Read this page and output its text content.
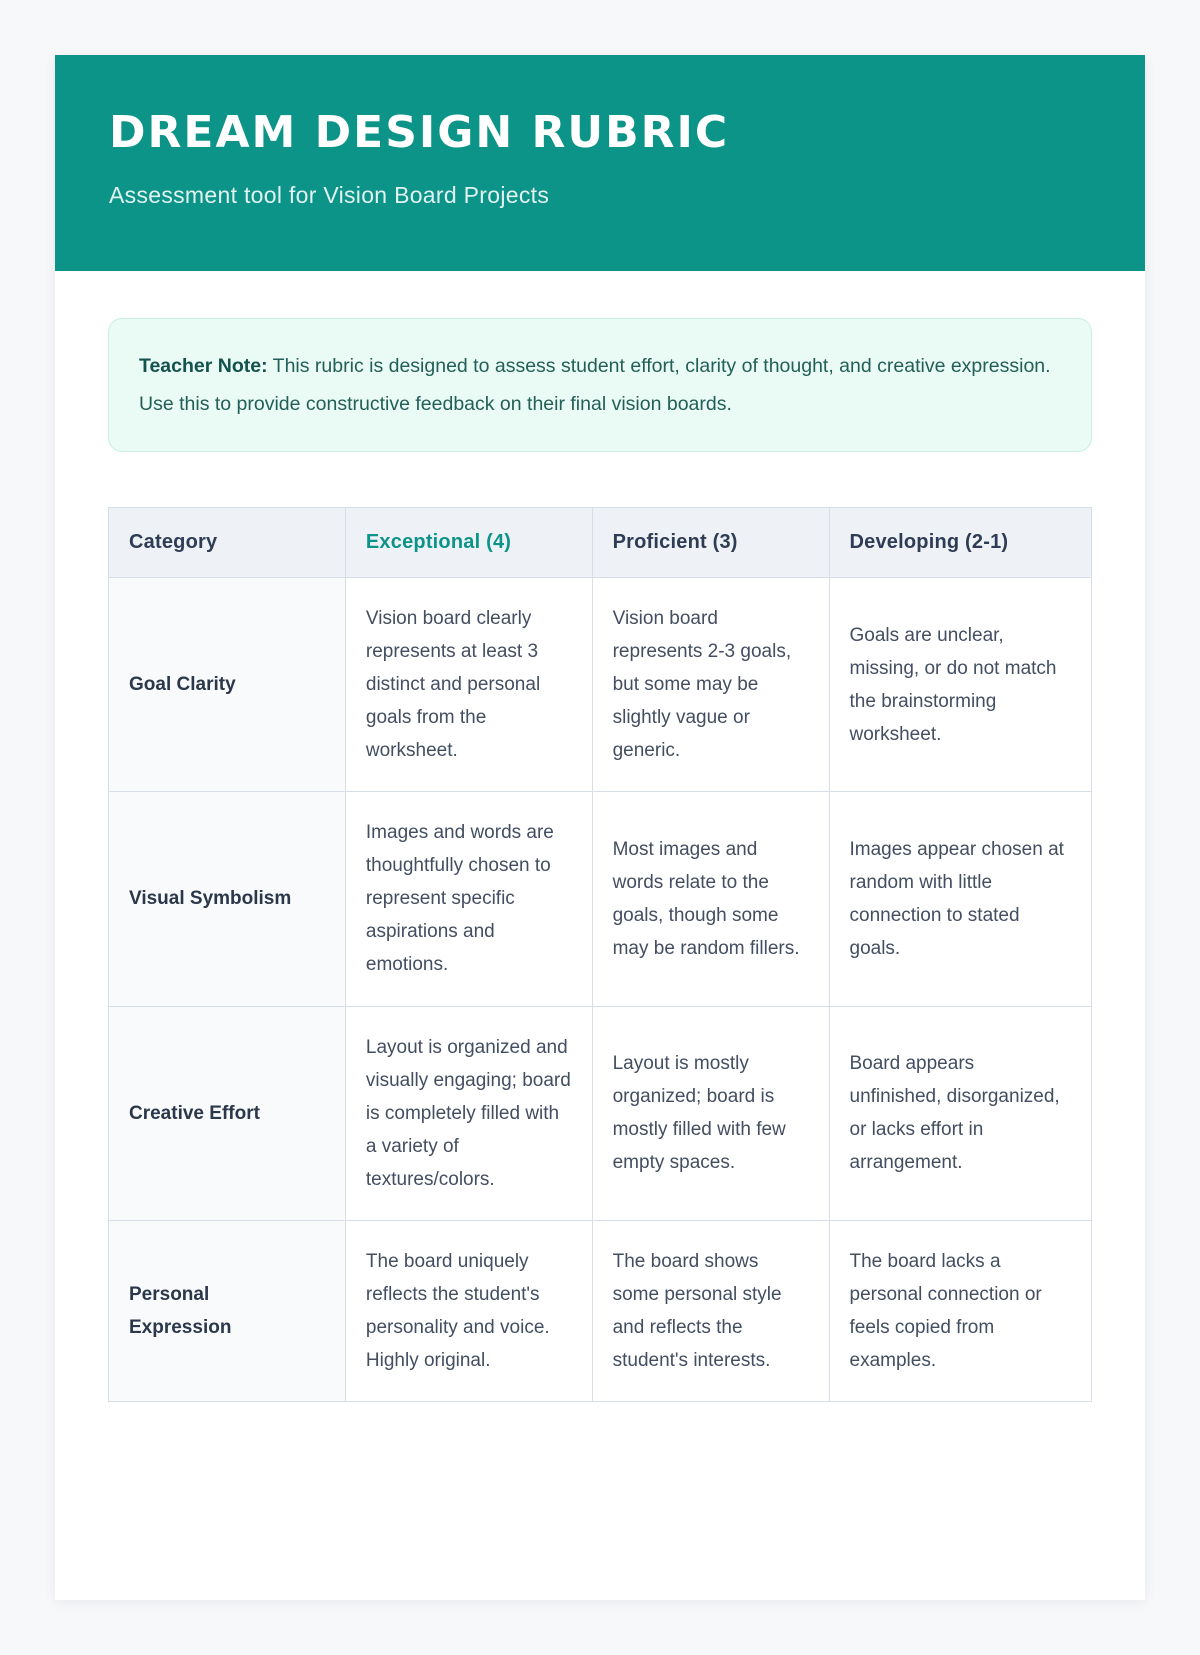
DREAM DESIGN RUBRIC
Assessment tool for Vision Board Projects
Teacher Note: This rubric is designed to assess student effort, clarity of thought, and creative expression. Use this to provide constructive feedback on their final vision boards.
Category	Exceptional (4)	Proficient (3)	Developing (2-1)
Goal Clarity	Vision board clearly represents at least 3 distinct and personal goals from the worksheet.	Vision board represents 2-3 goals, but some may be slightly vague or generic.	Goals are unclear, missing, or do not match the brainstorming worksheet.
Visual Symbolism	Images and words are thoughtfully chosen to represent specific aspirations and emotions.	Most images and words relate to the goals, though some may be random fillers.	Images appear chosen at random with little connection to stated goals.
Creative Effort	Layout is organized and visually engaging; board is completely filled with a variety of textures/colors.	Layout is mostly organized; board is mostly filled with few empty spaces.	Board appears unfinished, disorganized, or lacks effort in arrangement.
Personal Expression	The board uniquely reflects the student's personality and voice. Highly original.	The board shows some personal style and reflects the student's interests.	The board lacks a personal connection or feels copied from examples.
